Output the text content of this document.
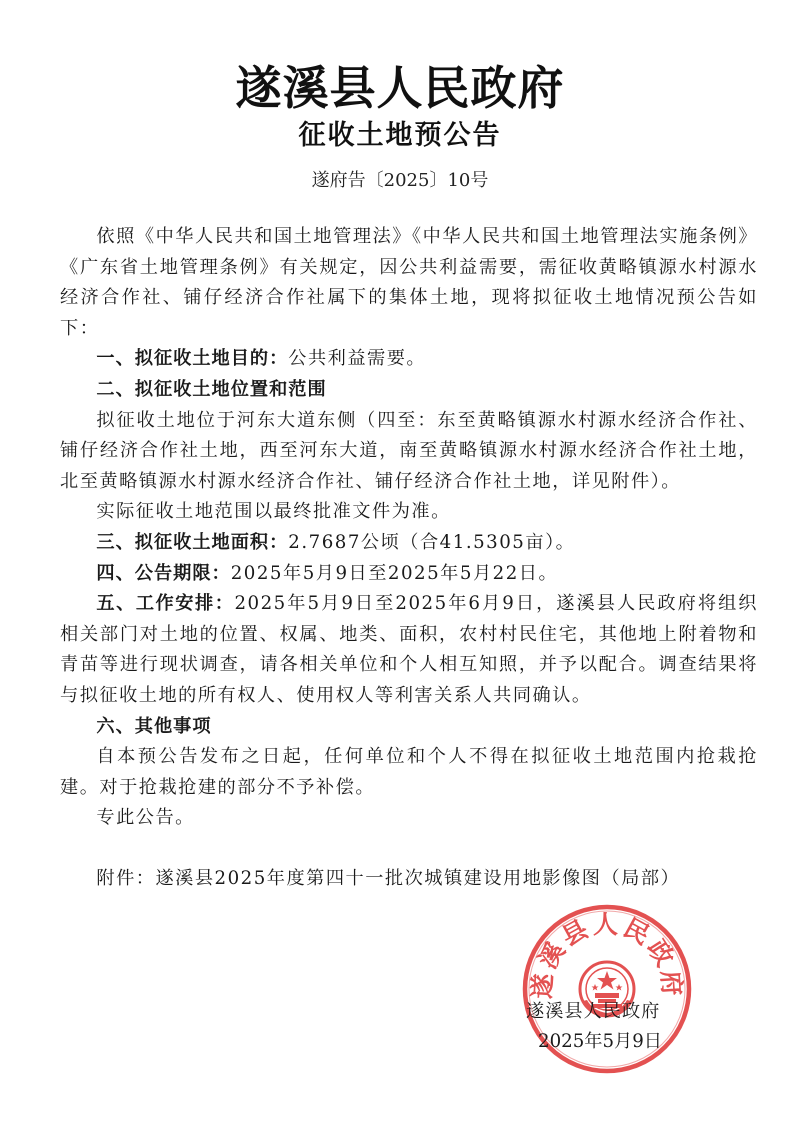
遂溪县人民政府
征收土地预公告
遂府告〔2025〕10号

依照《中华人民共和国土地管理法》《中华人民共和国土地管理法实施条例》《广东省土地管理条例》有关规定，因公共利益需要，需征收黄略镇源水村源水经济合作社、铺仔经济合作社属下的集体土地，现将拟征收土地情况预公告如下：

一、拟征收土地目的：公共利益需要。

二、拟征收土地位置和范围

拟征收土地位于河东大道东侧（四至：东至黄略镇源水村源水经济合作社、铺仔经济合作社土地，西至河东大道，南至黄略镇源水村源水经济合作社土地，北至黄略镇源水村源水经济合作社、铺仔经济合作社土地，详见附件）。

实际征收土地范围以最终批准文件为准。

三、拟征收土地面积：2.7687公顷（合41.5305亩）。

四、公告期限：2025年5月9日至2025年5月22日。

五、工作安排：2025年5月9日至2025年6月9日，遂溪县人民政府将组织相关部门对土地的位置、权属、地类、面积，农村村民住宅，其他地上附着物和青苗等进行现状调查，请各相关单位和个人相互知照，并予以配合。调查结果将与拟征收土地的所有权人、使用权人等利害关系人共同确认。

六、其他事项

自本预公告发布之日起，任何单位和个人不得在拟征收土地范围内抢栽抢建。对于抢栽抢建的部分不予补偿。

专此公告。

附件：遂溪县2025年度第四十一批次城镇建设用地影像图（局部）

遂溪县人民政府
遂溪县人民政府
2025年5月9日
